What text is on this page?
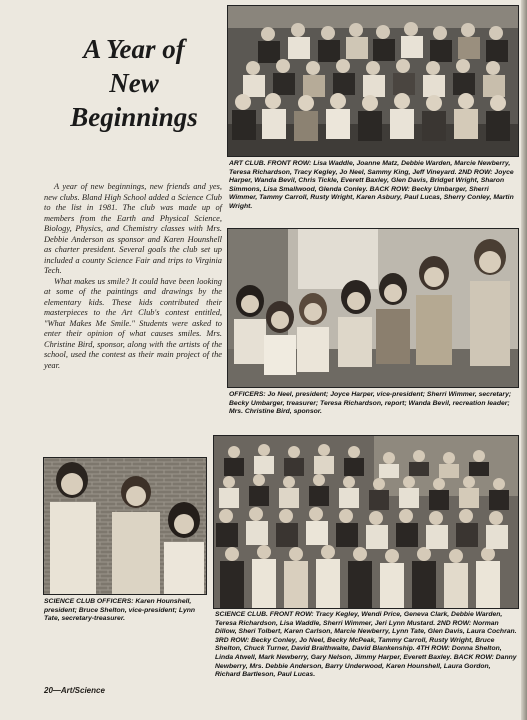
A Year of
New
Beginnings

A year of new beginnings, new friends and yes, new clubs. Bland High School added a Science Club to the list in 1981. The club was made up of members from the Earth and Physical Science, Biology, Physics, and Chemistry classes with Mrs. Debbie Anderson as sponsor and Karen Hounshell as charter president. Several goals the club set up included a county Science Fair and trips to Virginia Tech.

What makes us smile? It could have been looking at some of the paintings and drawings by the elementary kids. These kids contributed their masterpieces to the Art Club's contest entitled, "What Makes Me Smile." Students were asked to enter their opinion of what causes smiles. Mrs. Christine Bird, sponsor, along with the artists of the school, used the contest as their main project of the year.

ART CLUB. FRONT ROW: Lisa Waddle, Joanne Matz, Debbie Warden, Marcie Newberry, Teresa Richardson, Tracy Kegley, Jo Neel, Sammy King, Jeff Vineyard. 2ND ROW: Joyce Harper, Wanda Bevil, Chris Tickle, Everett Baxley, Glen Davis, Bridget Wright, Sharon Simmons, Lisa Smallwood, Glenda Conley. BACK ROW: Becky Umbarger, Sherri Wimmer, Tammy Carroll, Rusty Wright, Karen Asbury, Paul Lucas, Sherry Conley, Martin Wright.
OFFICERS: Jo Neel, president; Joyce Harper, vice-president; Sherri Wimmer, secretary; Becky Umbarger, treasurer; Teresa Richardson, report; Wanda Bevil, recreation leader; Mrs. Christine Bird, sponsor.
SCIENCE CLUB OFFICERS: Karen Hounshell, president; Bruce Shelton, vice-president; Lynn Tate, secretary-treasurer.
SCIENCE CLUB. FRONT ROW: Tracy Kegley, Wendi Price, Geneva Clark, Debbie Warden, Teresa Richardson, Lisa Waddle, Sherri Wimmer, Jeri Lynn Mustard. 2ND ROW: Norman Dillow, Sheri Tolbert, Karen Carlson, Marcie Newberry, Lynn Tate, Glen Davis, Laura Cochran. 3RD ROW: Becky Conley, Jo Neel, Becky McPeak, Tammy Carroll, Rusty Wright, Bruce Shelton, Chuck Turner, David Braithwaite, David Blankenship. 4TH ROW: Donna Shelton, Linda Atwell, Mark Newberry, Gary Nelson, Jimmy Harper, Everett Baxley. BACK ROW: Danny Newberry, Mrs. Debbie Anderson, Barry Underwood, Karen Hounshell, Laura Gordon, Richard Bartleson, Paul Lucas.
20—Art/Science
